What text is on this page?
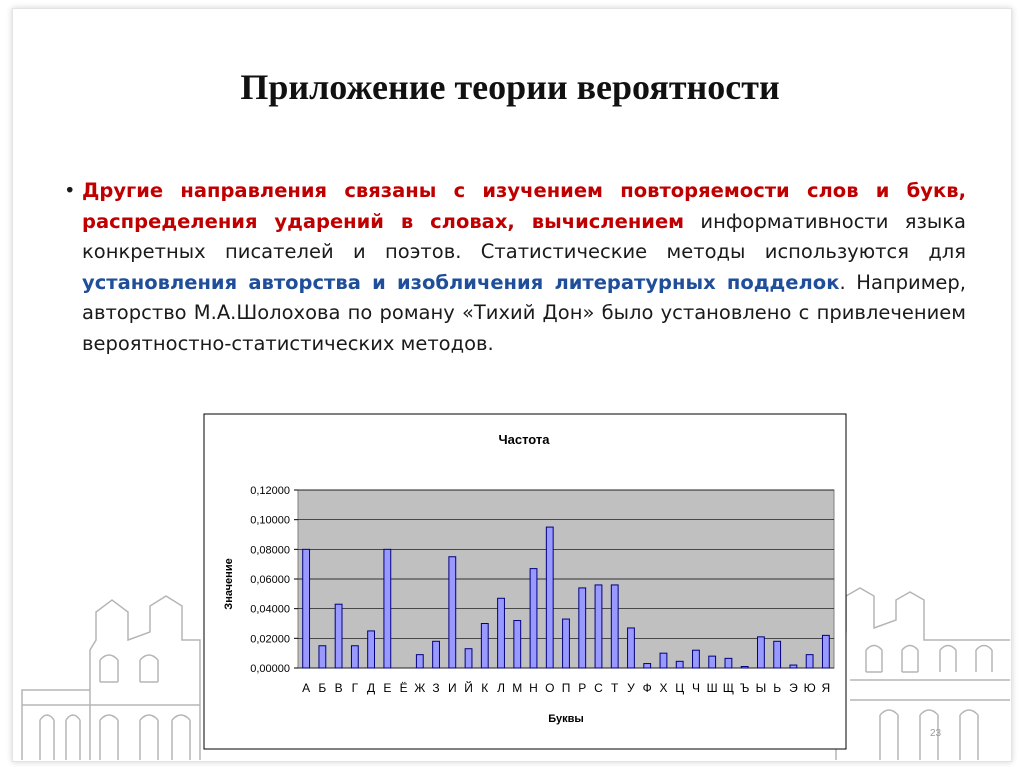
Приложение теории вероятности

• Другие направления связаны с изучением повторяемости слов и букв, распределения ударений в словах, вычислением информативности языка конкретных писателей и поэтов. Статистические методы используются для установления авторства и изобличения литературных подделок. Например, авторство М.А.Шолохова по роману «Тихий Дон» было установлено с привлечением вероятностно-статистических методов.

Частота
Значение
Буквы
0,00000
0,02000
0,04000
0,06000
0,08000
0,10000
0,12000
А Б В Г Д Е Ё Ж З И Й К Л М Н О П Р С Т У Ф Х Ц Ч Ш Щ Ъ Ы Ь Э Ю Я
23
